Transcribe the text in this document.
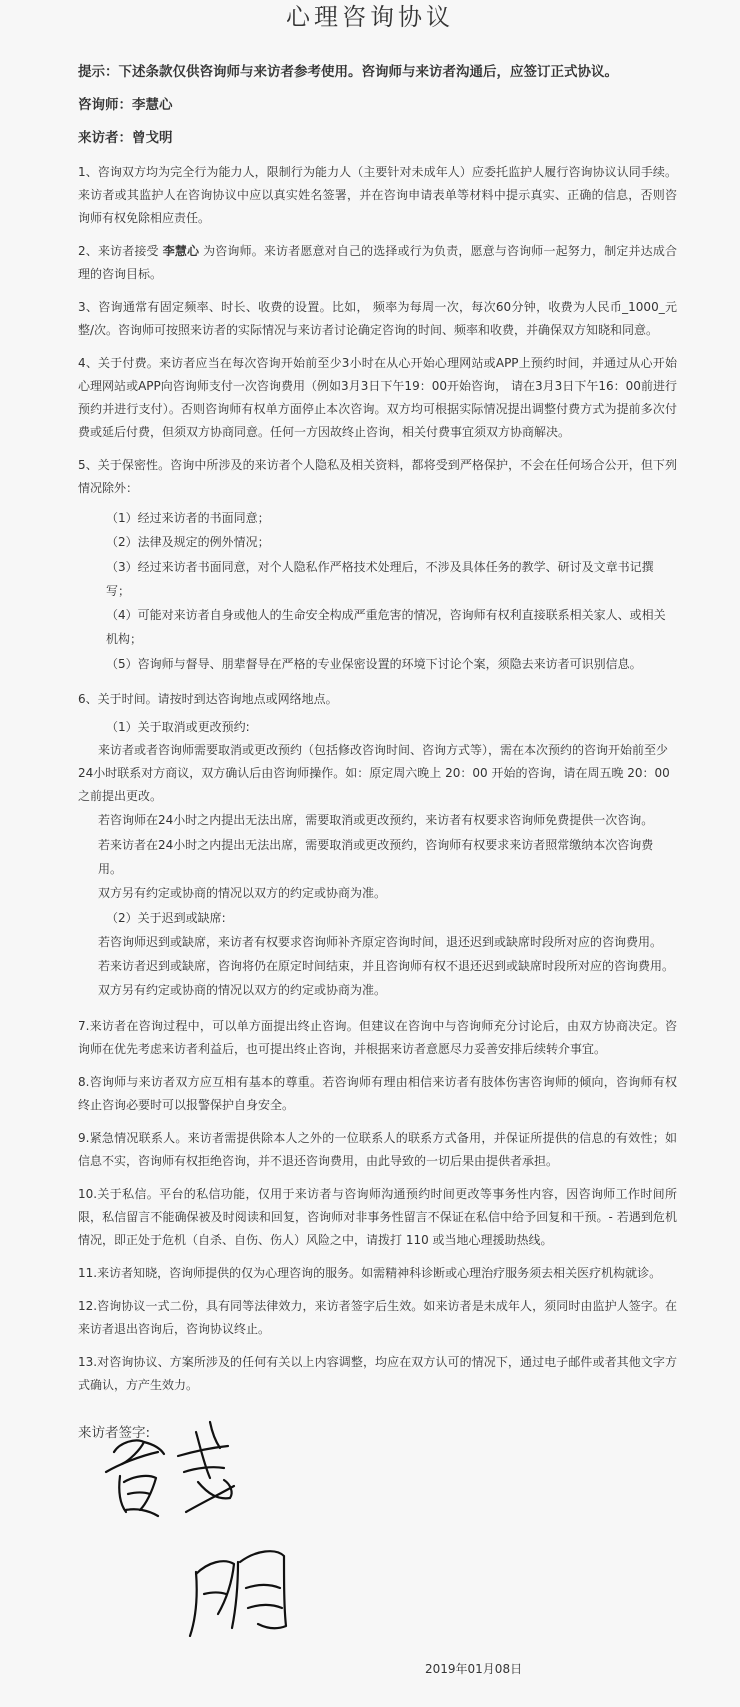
心理咨询协议

提示：下述条款仅供咨询师与来访者参考使用。咨询师与来访者沟通后，应签订正式协议。

咨询师：李慧心

来访者：曾戈明

1、咨询双方均为完全行为能力人，限制行为能力人（主要针对未成年人）应委托监护人履行咨询协议认同手续。来访者或其监护人在咨询协议中应以真实姓名签署，并在咨询申请表单等材料中提示真实、正确的信息，否则咨询师有权免除相应责任。

2、来访者接受 李慧心 为咨询师。来访者愿意对自己的选择或行为负责，愿意与咨询师一起努力，制定并达成合理的咨询目标。

3、咨询通常有固定频率、时长、收费的设置。比如， 频率为每周一次，每次60分钟，收费为人民币_1000_元整/次。咨询师可按照来访者的实际情况与来访者讨论确定咨询的时间、频率和收费，并确保双方知晓和同意。

4、关于付费。来访者应当在每次咨询开始前至少3小时在从心开始心理网站或APP上预约时间，并通过从心开始心理网站或APP向咨询师支付一次咨询费用（例如3月3日下午19：00开始咨询， 请在3月3日下午16：00前进行预约并进行支付）。否则咨询师有权单方面停止本次咨询。双方均可根据实际情况提出调整付费方式为提前多次付费或延后付费，但须双方协商同意。任何一方因故终止咨询，相关付费事宜须双方协商解决。

5、关于保密性。咨询中所涉及的来访者个人隐私及相关资料，都将受到严格保护，不会在任何场合公开，但下列情况除外：

（1）经过来访者的书面同意；
（2）法律及规定的例外情况；
（3）经过来访者书面同意，对个人隐私作严格技术处理后，不涉及具体任务的教学、研讨及文章书记撰写；
（4）可能对来访者自身或他人的生命安全构成严重危害的情况，咨询师有权利直接联系相关家人、或相关机构；
（5）咨询师与督导、朋辈督导在严格的专业保密设置的环境下讨论个案，须隐去来访者可识别信息。

6、关于时间。请按时到达咨询地点或网络地点。

（1）关于取消或更改预约:
来访者或者咨询师需要取消或更改预约（包括修改咨询时间、咨询方式等），需在本次预约的咨询开始前至少24小时联系对方商议，双方确认后由咨询师操作。如：原定周六晚上 20：00 开始的咨询，请在周五晚 20：00 之前提出更改。
若咨询师在24小时之内提出无法出席，需要取消或更改预约，来访者有权要求咨询师免费提供一次咨询。
若来访者在24小时之内提出无法出席，需要取消或更改预约，咨询师有权要求来访者照常缴纳本次咨询费用。
双方另有约定或协商的情况以双方的约定或协商为准。
（2）关于迟到或缺席:
若咨询师迟到或缺席，来访者有权要求咨询师补齐原定咨询时间，退还迟到或缺席时段所对应的咨询费用。
若来访者迟到或缺席，咨询将仍在原定时间结束，并且咨询师有权不退还迟到或缺席时段所对应的咨询费用。
双方另有约定或协商的情况以双方的约定或协商为准。

7.来访者在咨询过程中，可以单方面提出终止咨询。但建议在咨询中与咨询师充分讨论后，由双方协商决定。咨询师在优先考虑来访者利益后，也可提出终止咨询，并根据来访者意愿尽力妥善安排后续转介事宜。

8.咨询师与来访者双方应互相有基本的尊重。若咨询师有理由相信来访者有肢体伤害咨询师的倾向，咨询师有权终止咨询必要时可以报警保护自身安全。

9.紧急情况联系人。来访者需提供除本人之外的一位联系人的联系方式备用，并保证所提供的信息的有效性；如信息不实，咨询师有权拒绝咨询，并不退还咨询费用，由此导致的一切后果由提供者承担。

10.关于私信。平台的私信功能，仅用于来访者与咨询师沟通预约时间更改等事务性内容，因咨询师工作时间所限，私信留言不能确保被及时阅读和回复，咨询师对非事务性留言不保证在私信中给予回复和干预。- 若遇到危机情况，即正处于危机（自杀、自伤、伤人）风险之中，请拨打 110 或当地心理援助热线。

11.来访者知晓，咨询师提供的仅为心理咨询的服务。如需精神科诊断或心理治疗服务须去相关医疗机构就诊。

12.咨询协议一式二份，具有同等法律效力，来访者签字后生效。如来访者是未成年人，须同时由监护人签字。在来访者退出咨询后，咨询协议终止。

13.对咨询协议、方案所涉及的任何有关以上内容调整，均应在双方认可的情况下，通过电子邮件或者其他文字方式确认，方产生效力。

来访者签字:
2019年01月08日
